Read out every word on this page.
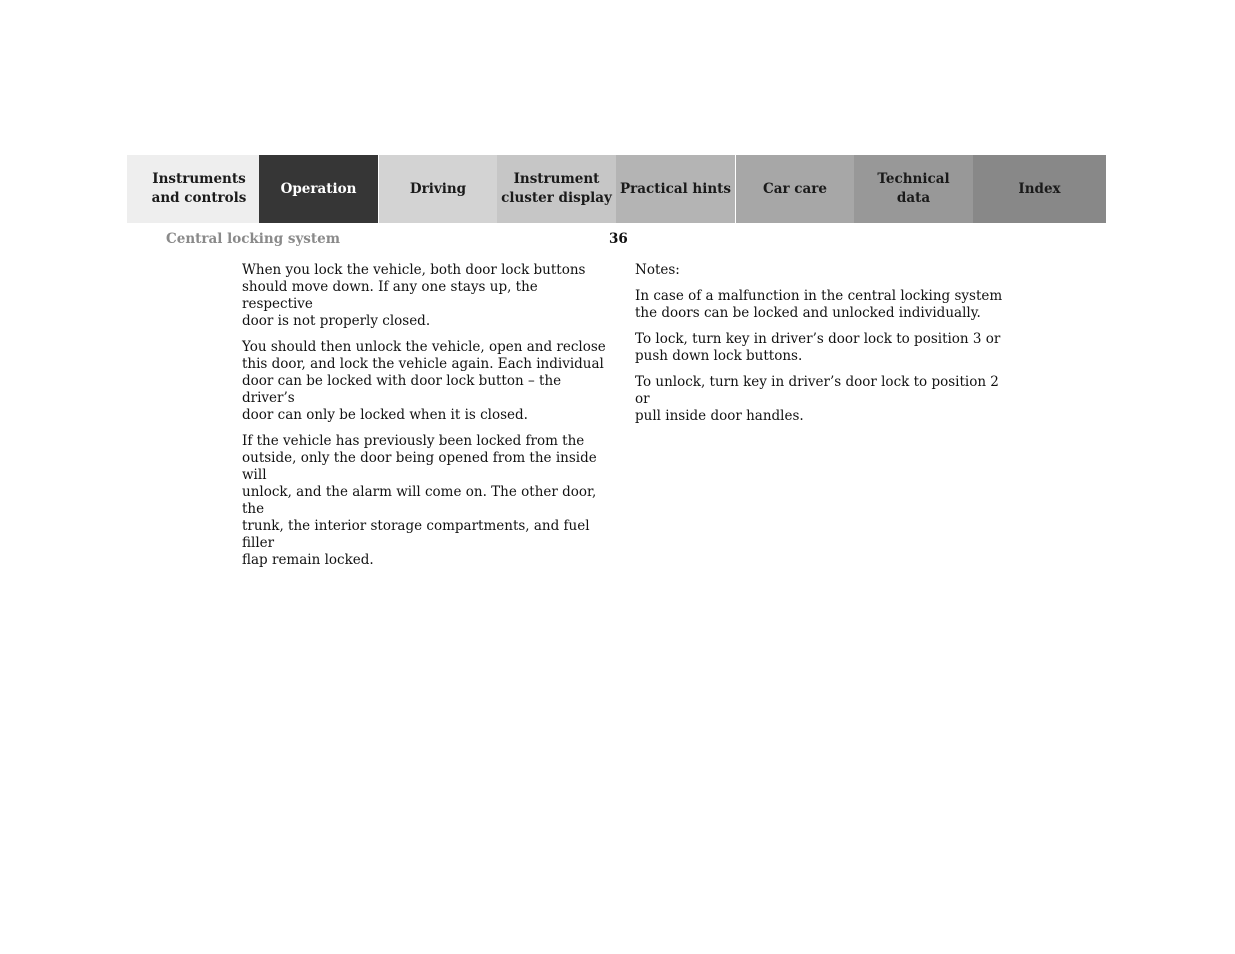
Instruments
and controls
Operation	Driving
Instrument
cluster display
Practical hints Car care
Technical
data
Index
Central locking system	36

When you lock the vehicle, both door lock buttons
should move down. If any one stays up, the respective
door is not properly closed.

You should then unlock the vehicle, open and reclose
this door, and lock the vehicle again. Each individual
door can be locked with door lock button – the driver’s
door can only be locked when it is closed.

If the vehicle has previously been locked from the
outside, only the door being opened from the inside will
unlock, and the alarm will come on. The other door, the
trunk, the interior storage compartments, and fuel filler
flap remain locked.

Notes:

In case of a malfunction in the central locking system
the doors can be locked and unlocked individually.

To lock, turn key in driver’s door lock to position 3 or
push down lock buttons.

To unlock, turn key in driver’s door lock to position 2 or
pull inside door handles.
